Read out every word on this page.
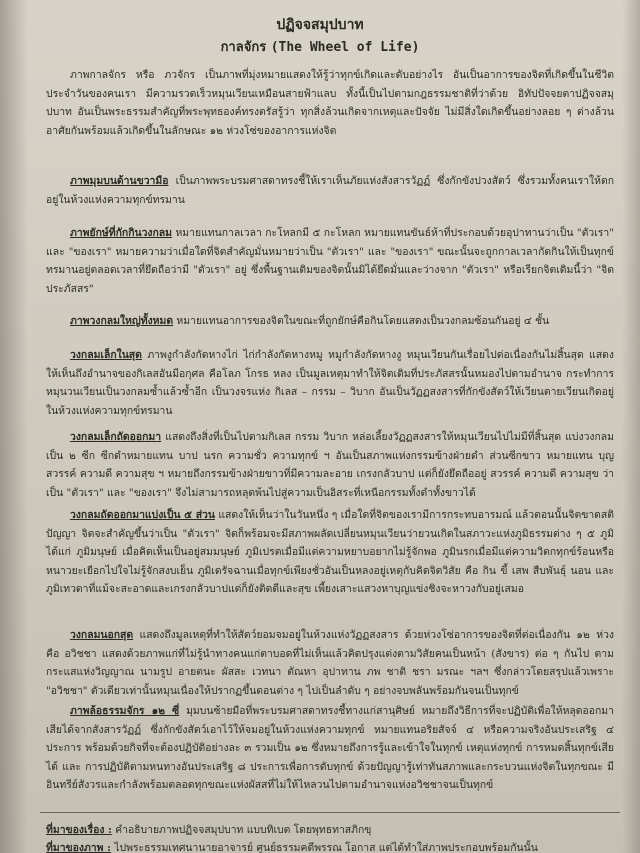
ปฏิจจสมุปบาท
กาลจักร (The Wheel of Life)
ภาพกาลจักร หรือ ภวจักร เป็นภาพที่มุ่งหมายแสดงให้รู้ว่าทุกข์เกิดและดับอย่างไร อันเป็นอาการของจิตที่เกิดขึ้นในชีวิตประจำวันของคนเรา มีความรวดเร็วหมุนเวียนเหมือนสายฟ้าแลบ ทั้งนี้เป็นไปตามกฎธรรมชาติที่ว่าด้วย อิทัปปัจจยตาปฏิจจสมุปบาท อันเป็นพระธรรมสำคัญที่พระพุทธองค์ทรงตรัสรู้ว่า ทุกสิ่งล้วนเกิดจากเหตุและปัจจัย ไม่มีสิ่งใดเกิดขึ้นอย่างลอย ๆ ต่างล้วนอาศัยกันพร้อมแล้วเกิดขึ้นในลักษณะ ๑๒ ห่วงโซ่ของอาการแห่งจิต
ภาพมุมบนด้านขวามือ เป็นภาพพระบรมศาสดาทรงชี้ให้เราเห็นภัยแห่งสังสารวัฏฏ์ ซึ่งกักขังปวงสัตว์ ซึ่งรวมทั้งคนเราให้ตกอยู่ในห้วงแห่งความทุกข์ทรมาน
ภาพยักษ์ที่กักกินวงกลม หมายแทนกาลเวลา กะโหลกมี ๕ กะโหลก หมายแทนขันธ์ห้าที่ประกอบด้วยอุปาทานว่าเป็น "ตัวเรา" และ "ของเรา" หมายความว่าเมื่อใดที่จิตสำคัญมั่นหมายว่าเป็น "ตัวเรา" และ "ของเรา" ขณะนั้นจะถูกกาลเวลากัดกินให้เป็นทุกข์ทรมานอยู่ตลอดเวลาที่ยึดถือว่ามี "ตัวเรา" อยู่ ซึ่งพื้นฐานเดิมของจิตนั้นมิได้ยึดมั่นและว่างจาก "ตัวเรา" หรือเรียกจิตเดิมนี้ว่า "จิตประภัสสร"
ภาพวงกลมใหญ่ทั้งหมด หมายแทนอาการของจิตในขณะที่ถูกยักษ์คือกินโดยแสดงเป็นวงกลมซ้อนกันอยู่ ๔ ชั้น
วงกลมเล็กในสุด ภาพงูกำลังกัดหางไก่ ไก่กำลังกัดหางหมู หมูกำลังกัดหางงู หมุนเวียนกันเรื่อยไปต่อเนื่องกันไม่สิ้นสุด แสดงให้เห็นถึงอำนาจของกิเลสอันมีอกุศล คือโลภ โกรธ หลง เป็นมูลเหตุมาทำให้จิตเดิมที่ประภัสสรนั้นหมองไปตามอำนาจ กระทำการหมุนวนเวียนเป็นวงกลมซ้ำแล้วซ้ำอีก เป็นวงจรแห่ง กิเลส – กรรม – วิบาก อันเป็นวัฏฏสงสารที่กักขังสัตว์ให้เวียนตายเวียนเกิดอยู่ในห้วงแห่งความทุกข์ทรมาน
วงกลมเล็กถัดออกมา แสดงถึงสิ่งที่เป็นไปตามกิเลส กรรม วิบาก หล่อเลี้ยงวัฏฏสงสารให้หมุนเวียนไปไม่มีที่สิ้นสุด แบ่งวงกลมเป็น ๒ ซีก ซีกดำหมายแทน บาป นรก ความชั่ว ความทุกข์ ฯ อันเป็นสภาพแห่งกรรมข้างฝ่ายดำ ส่วนซีกขาว หมายแทน บุญ สวรรค์ ความดี ความสุข ฯ หมายถึงกรรมข้างฝ่ายขาวที่มีความละอาย เกรงกลัวบาป แต่ก็ยังยึดถืออยู่ สวรรค์ ความดี ความสุข ว่าเป็น "ตัวเรา" และ "ของเรา" จึงไม่สามารถหลุดพ้นไปสู่ความเป็นอิสระที่เหนือกรรมทั้งดำทั้งขาวได้
วงกลมถัดออกมาแบ่งเป็น ๕ ส่วน แสดงให้เห็นว่าในวันหนึ่ง ๆ เมื่อใดที่จิตของเรามีการกระทบอารมณ์ แล้วตอนนั้นจิตขาดสติปัญญา จิตจะสำคัญขึ้นว่าเป็น "ตัวเรา" จิตก็พร้อมจะมีสภาพผลัดเปลี่ยนหมุนเวียนว่ายวนเกิดในสภาวะแห่งภูมิธรรมต่าง ๆ ๕ ภูมิ ได้แก่ ภูมิมนุษย์ เมื่อคิดเห็นเป็นอยู่สมมนุษย์ ภูมิเปรตเมื่อมีแต่ความหยาบอยากไม่รู้จักพอ ภูมินรกเมื่อมีแต่ความวิตกทุกข์ร้อนหรือหนาวยะเยือกไปใจไม่รู้จักสงบเย็น ภูมิเดรัจฉานเมื่อทุกข์เพียงชั่วอันเป็นหลงอยู่เหตุกับคิดจิตวิสัย คือ กิน ขี้ เสพ สืบพันธุ์ นอน และภูมิเทวดาที่แม้จะสะอาดและเกรงกลัวบาปแต่ก็ยังติดดีและสุข เพี้ยงเสาะแสวงหาบุญแข่งชิงจะหาวงกับอยู่เสมอ
วงกลมนอกสุด แสดงถึงมูลเหตุที่ทำให้สัตว์ยอมจมอยู่ในห้วงแห่งวัฏฏสงสาร ด้วยห่วงโซ่อาการของจิตที่ต่อเนื่องกัน ๑๒ ห่วง คือ อวิชชา แสดงด้วยภาพแก่ที่ไม่รู้นำทางคนแก่ตาบอดที่ไม่เห็นแล้วคิดปรุงแต่งตามวิสัยคนเป็นหน้า (สังขาร) ต่อ ๆ กันไป ตามกระแสแห่งวิญญาณ นามรูป อายตนะ ผัสสะ เวทนา ตัณหา อุปาทาน ภพ ชาติ ชรา มรณะ ฯลฯ ซึ่งกล่าวโดยสรุปแล้วเพราะ "อวิชชา" ตัวเดียวเท่านั้นหมุนเนื่องให้ปรากฏขึ้นตอนต่าง ๆ ไปเป็นลำดับ ๆ อย่างจบพลันพร้อมกันจนเป็นทุกข์
ภาพล้อธรรมจักร ๑๒ ซี่ มุมบนซ้ายมือที่พระบรมศาสดาทรงชี้ทางแก่สานุศิษย์ หมายถึงวิธีการที่จะปฏิบัติเพื่อให้หลุดออกมาเสียได้จากสังสารวัฏฏ์ ซึ่งกักขังสัตว์เอาไว้ให้จมอยู่ในห้วงแห่งความทุกข์ หมายแทนอริยสัจจ์ ๔ หรือความจริงอันประเสริฐ ๔ ประการ พร้อมด้วยกิจที่จะต้องปฏิบัติอย่างละ ๓ รวมเป็น ๑๒ ซึ่งหมายถึงการรู้และเข้าใจในทุกข์ เหตุแห่งทุกข์ การหมดสิ้นทุกข์เสียได้ และ การปฏิบัติตามหนทางอันประเสริฐ ๘ ประการเพื่อการดับทุกข์ ด้วยปัญญารู้เท่าทันสภาพและกระบวนแห่งจิตในทุกขณะ มีอินทรีย์สังวรและกำลังพร้อมตลอดทุกขณะแห่งผัสสที่ไม่ให้ไหลวนไปตามอำนาจแห่งอวิชชาจนเป็นทุกข์
ที่มาของเรื่อง : คำอธิบายภาพปฏิจจสมุปบาท แบบทิเบต โดยพุทธทาสภิกขุ
ที่มาของภาพ : ไปพระธรรมเทศนานายอาจารย์ ศูนย์ธรรมคดีพรรณ โอกาส แต่ได้ทำใส่ภาพประกอบพร้อมกันนั้น
